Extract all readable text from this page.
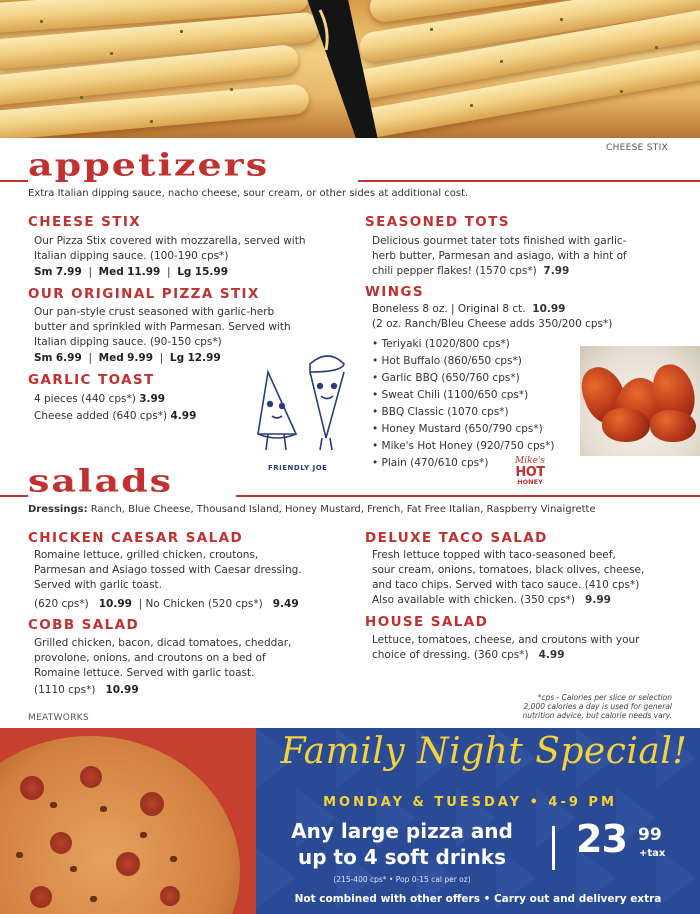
CHEESE STIX
appetizers
Extra Italian dipping sauce, nacho cheese, sour cream, or other sides at additional cost.
CHEESE STIX
Our Pizza Stix covered with mozzarella, served with
Italian dipping sauce. (100-190 cps*)
Sm 7.99  |  Med 11.99  |  Lg 15.99
OUR ORIGINAL PIZZA STIX
Our pan-style crust seasoned with garlic-herb
butter and sprinkled with Parmesan. Served with
Italian dipping sauce. (90-150 cps*)
Sm 6.99  |  Med 9.99  |  Lg 12.99
GARLIC TOAST
4 pieces (440 cps*) 3.99
Cheese added (640 cps*) 4.99
FRIENDLY JOE
SEASONED TOTS
Delicious gourmet tater tots finished with garlic-
herb butter, Parmesan and asiago, with a hint of
chili pepper flakes! (1570 cps*) 7.99
WINGS
Boneless 8 oz. | Original 8 ct. 10.99
(2 oz. Ranch/Bleu Cheese adds 350/200 cps*)
• Teriyaki (1020/800 cps*)
• Hot Buffalo (860/650 cps*)
• Garlic BBQ (650/760 cps*)
• Sweat Chili (1100/650 cps*)
• BBQ Classic (1070 cps*)
• Honey Mustard (650/790 cps*)
• Mike's Hot Honey (920/750 cps*)
• Plain (470/610 cps*)	Mike's
HOT
HONEY
salads
Dressings: Ranch, Blue Cheese, Thousand Island, Honey Mustard, French, Fat Free Italian, Raspberry Vinaigrette
CHICKEN CAESAR SALAD
Romaine lettuce, grilled chicken, croutons,
Parmesan and Asiago tossed with Caesar dressing.
Served with garlic toast.
(620 cps*) 10.99 | No Chicken (520 cps*) 9.49
COBB SALAD
Grilled chicken, bacon, dicad tomatoes, cheddar,
provolone, onions, and croutons on a bed of
Romaine lettuce. Served with garlic toast.
(1110 cps*) 10.99
DELUXE TACO SALAD
Fresh lettuce topped with taco-seasoned beef,
sour cream, onions, tomatoes, black olives, cheese,
and taco chips. Served with taco sauce. (410 cps*)
Also available with chicken. (350 cps*) 9.99
HOUSE SALAD
Lettuce, tomatoes, cheese, and croutons with your
choice of dressing. (360 cps*) 4.99
*cps - Calories per slice or selection
2,000 calories a day is used for general
nutrition advice, but calorie needs vary.
MEATWORKS
Family Night Special!
MONDAY & TUESDAY • 4-9 PM
Any large pizza and
up to 4 soft drinks	23 99
+tax
(215-400 cps* • Pop 0-15 cal per oz)
Not combined with other offers • Carry out and delivery extra
